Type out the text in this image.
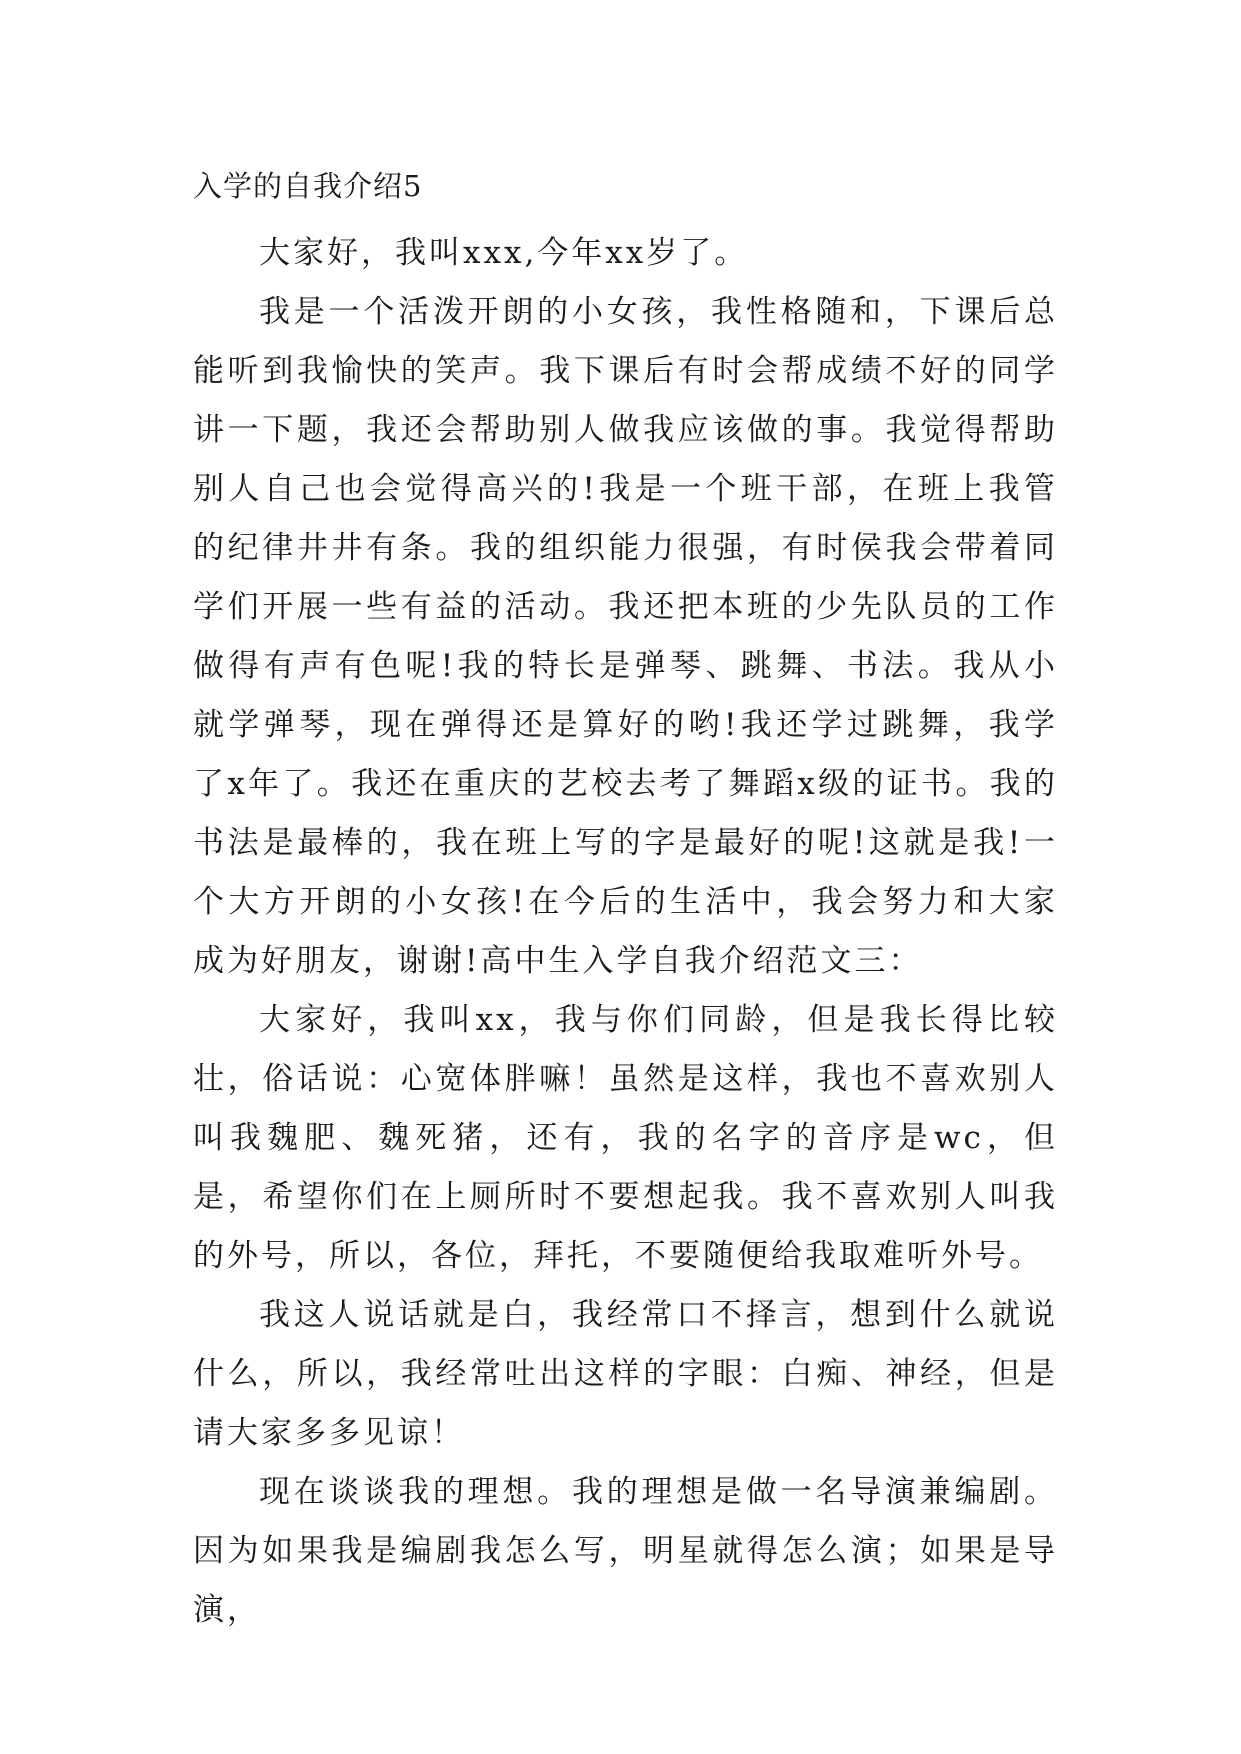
入学的自我介绍5

大家好，我叫xxx,今年xx岁了。

我是一个活泼开朗的小女孩，我性格随和，下课后总能听到我愉快的笑声。我下课后有时会帮成绩不好的同学讲一下题，我还会帮助别人做我应该做的事。我觉得帮助别人自己也会觉得高兴的!我是一个班干部，在班上我管的纪律井井有条。我的组织能力很强，有时侯我会带着同学们开展一些有益的活动。我还把本班的少先队员的工作做得有声有色呢!我的特长是弹琴、跳舞、书法。我从小就学弹琴，现在弹得还是算好的哟!我还学过跳舞，我学了x年了。我还在重庆的艺校去考了舞蹈x级的证书。我的书法是最棒的，我在班上写的字是最好的呢!这就是我!一个大方开朗的小女孩!在今后的生活中，我会努力和大家成为好朋友，谢谢!高中生入学自我介绍范文三：

大家好，我叫xx，我与你们同龄，但是我长得比较壮，俗话说：心宽体胖嘛！虽然是这样，我也不喜欢别人叫我魏肥、魏死猪，还有，我的名字的音序是wc，但是，希望你们在上厕所时不要想起我。我不喜欢别人叫我的外号，所以，各位，拜托，不要随便给我取难听外号。

我这人说话就是白，我经常口不择言，想到什么就说什么，所以，我经常吐出这样的字眼：白痴、神经，但是请大家多多见谅！

现在谈谈我的理想。我的理想是做一名导演兼编剧。因为如果我是编剧我怎么写，明星就得怎么演；如果是导演，
